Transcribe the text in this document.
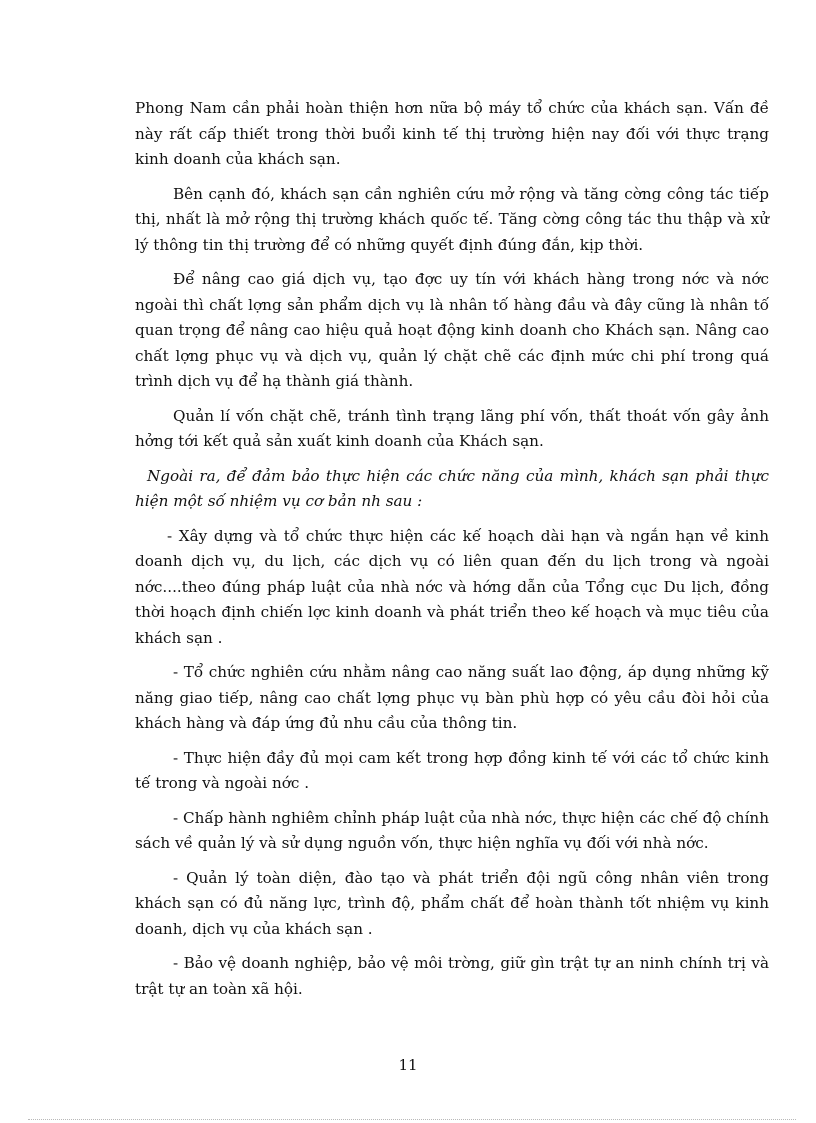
Phong Nam cần phải hoàn thiện hơn nữa bộ máy tổ chức của khách sạn. Vấn đề này rất cấp thiết trong thời buổi kinh tế thị trường hiện nay đối với thực trạng kinh doanh của khách sạn.

Bên cạnh đó, khách sạn cần nghiên cứu mở rộng và tăng cờng công tác tiếp thị, nhất là mở rộng thị trường khách quốc tế. Tăng cờng công tác thu thập và xử lý thông tin thị trường để có những quyết định đúng đắn, kịp thời.

Để nâng cao giá dịch vụ, tạo đợc uy tín với khách hàng trong nớc và nớc ngoài thì chất lợng sản phẩm dịch vụ là nhân tố hàng đầu và đây cũng là nhân tố quan trọng để nâng cao hiệu quả hoạt động kinh doanh cho Khách sạn. Nâng cao chất lợng phục vụ và dịch vụ, quản lý chặt chẽ các định mức chi phí trong quá trình dịch vụ để hạ thành giá thành.

Quản lí vốn chặt chẽ, tránh tình trạng lãng phí vốn, thất thoát vốn gây ảnh hởng tới kết quả sản xuất kinh doanh của Khách sạn.

Ngoài ra, để đảm bảo thực hiện các chức năng của mình, khách sạn phải thực hiện một số nhiệm vụ cơ bản nh sau :

- Xây dựng và tổ chức thực hiện các kế hoạch dài hạn và ngắn hạn về kinh doanh dịch vụ, du lịch, các dịch vụ có liên quan đến du lịch trong và ngoài nớc....theo đúng pháp luật của nhà nớc và hớng dẫn của Tổng cục Du lịch, đồng thời hoạch định chiến lợc kinh doanh và phát triển theo kế hoạch và mục tiêu của khách sạn .

- Tổ chức nghiên cứu nhằm nâng cao năng suất lao động, áp dụng những kỹ năng giao tiếp, nâng cao chất lợng phục vụ bàn phù hợp có yêu cầu đòi hỏi của khách hàng và đáp ứng đủ nhu cầu của thông tin.

- Thực hiện đầy đủ mọi cam kết trong hợp đồng kinh tế với các tổ chức kinh tế trong và ngoài nớc .

- Chấp hành nghiêm chỉnh pháp luật của nhà nớc, thực hiện các chế độ chính sách về quản lý và sử dụng nguồn vốn, thực hiện nghĩa vụ đối với nhà nớc.

- Quản lý toàn diện, đào tạo và phát triển đội ngũ công nhân viên trong khách sạn có đủ năng lực, trình độ, phẩm chất để hoàn thành tốt nhiệm vụ kinh doanh, dịch vụ của khách sạn .

- Bảo vệ doanh nghiệp, bảo vệ môi trờng, giữ gìn trật tự an ninh chính trị và trật tự an toàn xã hội.

11
